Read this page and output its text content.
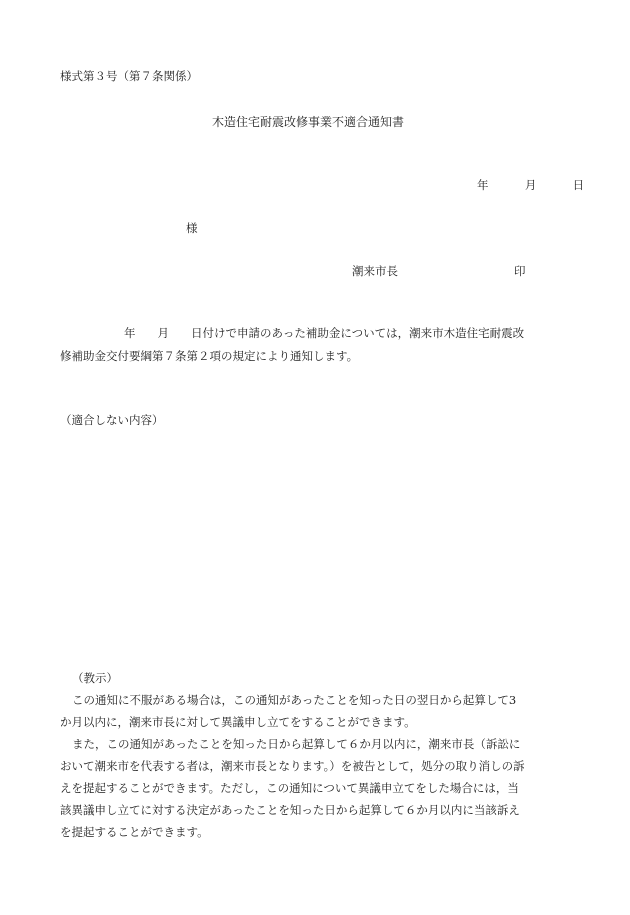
様式第３号（第７条関係）
木造住宅耐震改修事業不適合通知書
年	月	日
様
潮来市長	印
年 月 日付けで申請のあった補助金については，潮来市木造住宅耐震改
修補助金交付要綱第７条第２項の規定により通知します。
（適合しない内容）

（教示）

この通知に不服がある場合は，この通知があったことを知った日の翌日から起算して3

か月以内に，潮来市長に対して異議申し立てをすることができます。

また，この通知があったことを知った日から起算して６か月以内に，潮来市長（訴訟に

おいて潮来市を代表する者は，潮来市長となります。）を被告として，処分の取り消しの訴

えを提起することができます。ただし，この通知について異議申立てをした場合には，当

該異議申し立てに対する決定があったことを知った日から起算して６か月以内に当該訴え

を提起することができます。
